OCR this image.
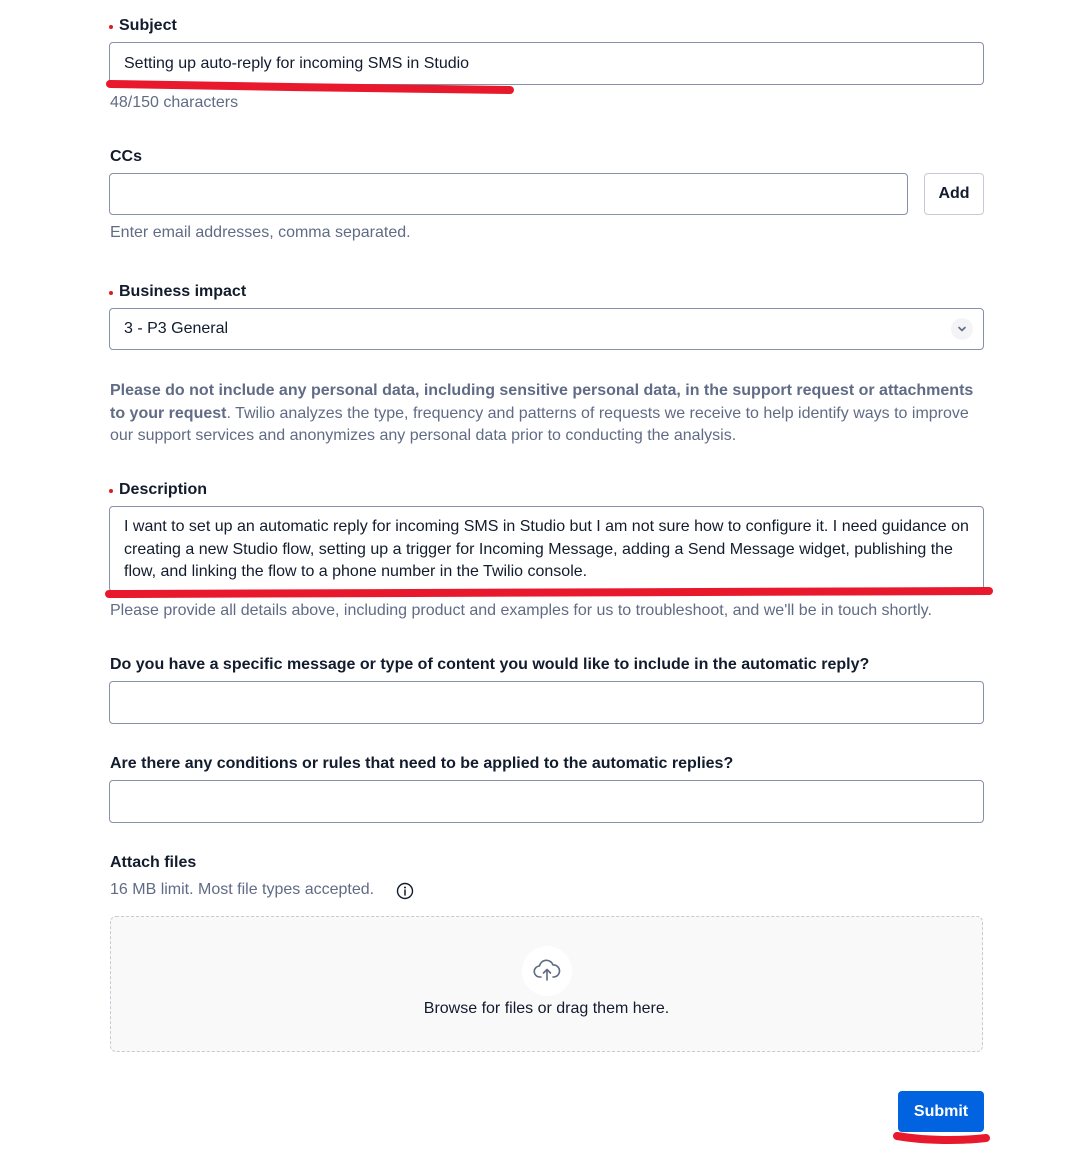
Subject
Setting up auto-reply for incoming SMS in Studio
48/150 characters
CCs
Add
Enter email addresses, comma separated.
Business impact
3 - P3 General
Please do not include any personal data, including sensitive personal data, in the support request or attachments to your request. Twilio analyzes the type, frequency and patterns of requests we receive to help identify ways to improve our support services and anonymizes any personal data prior to conducting the analysis.
Description
I want to set up an automatic reply for incoming SMS in Studio but I am not sure how to configure it. I need guidance on creating a new Studio flow, setting up a trigger for Incoming Message, adding a Send Message widget, publishing the flow, and linking the flow to a phone number in the Twilio console.
Please provide all details above, including product and examples for us to troubleshoot, and we'll be in touch shortly.
Do you have a specific message or type of content you would like to include in the automatic reply?
Are there any conditions or rules that need to be applied to the automatic replies?
Attach files
16 MB limit. Most file types accepted.
Browse for files or drag them here.
Submit
